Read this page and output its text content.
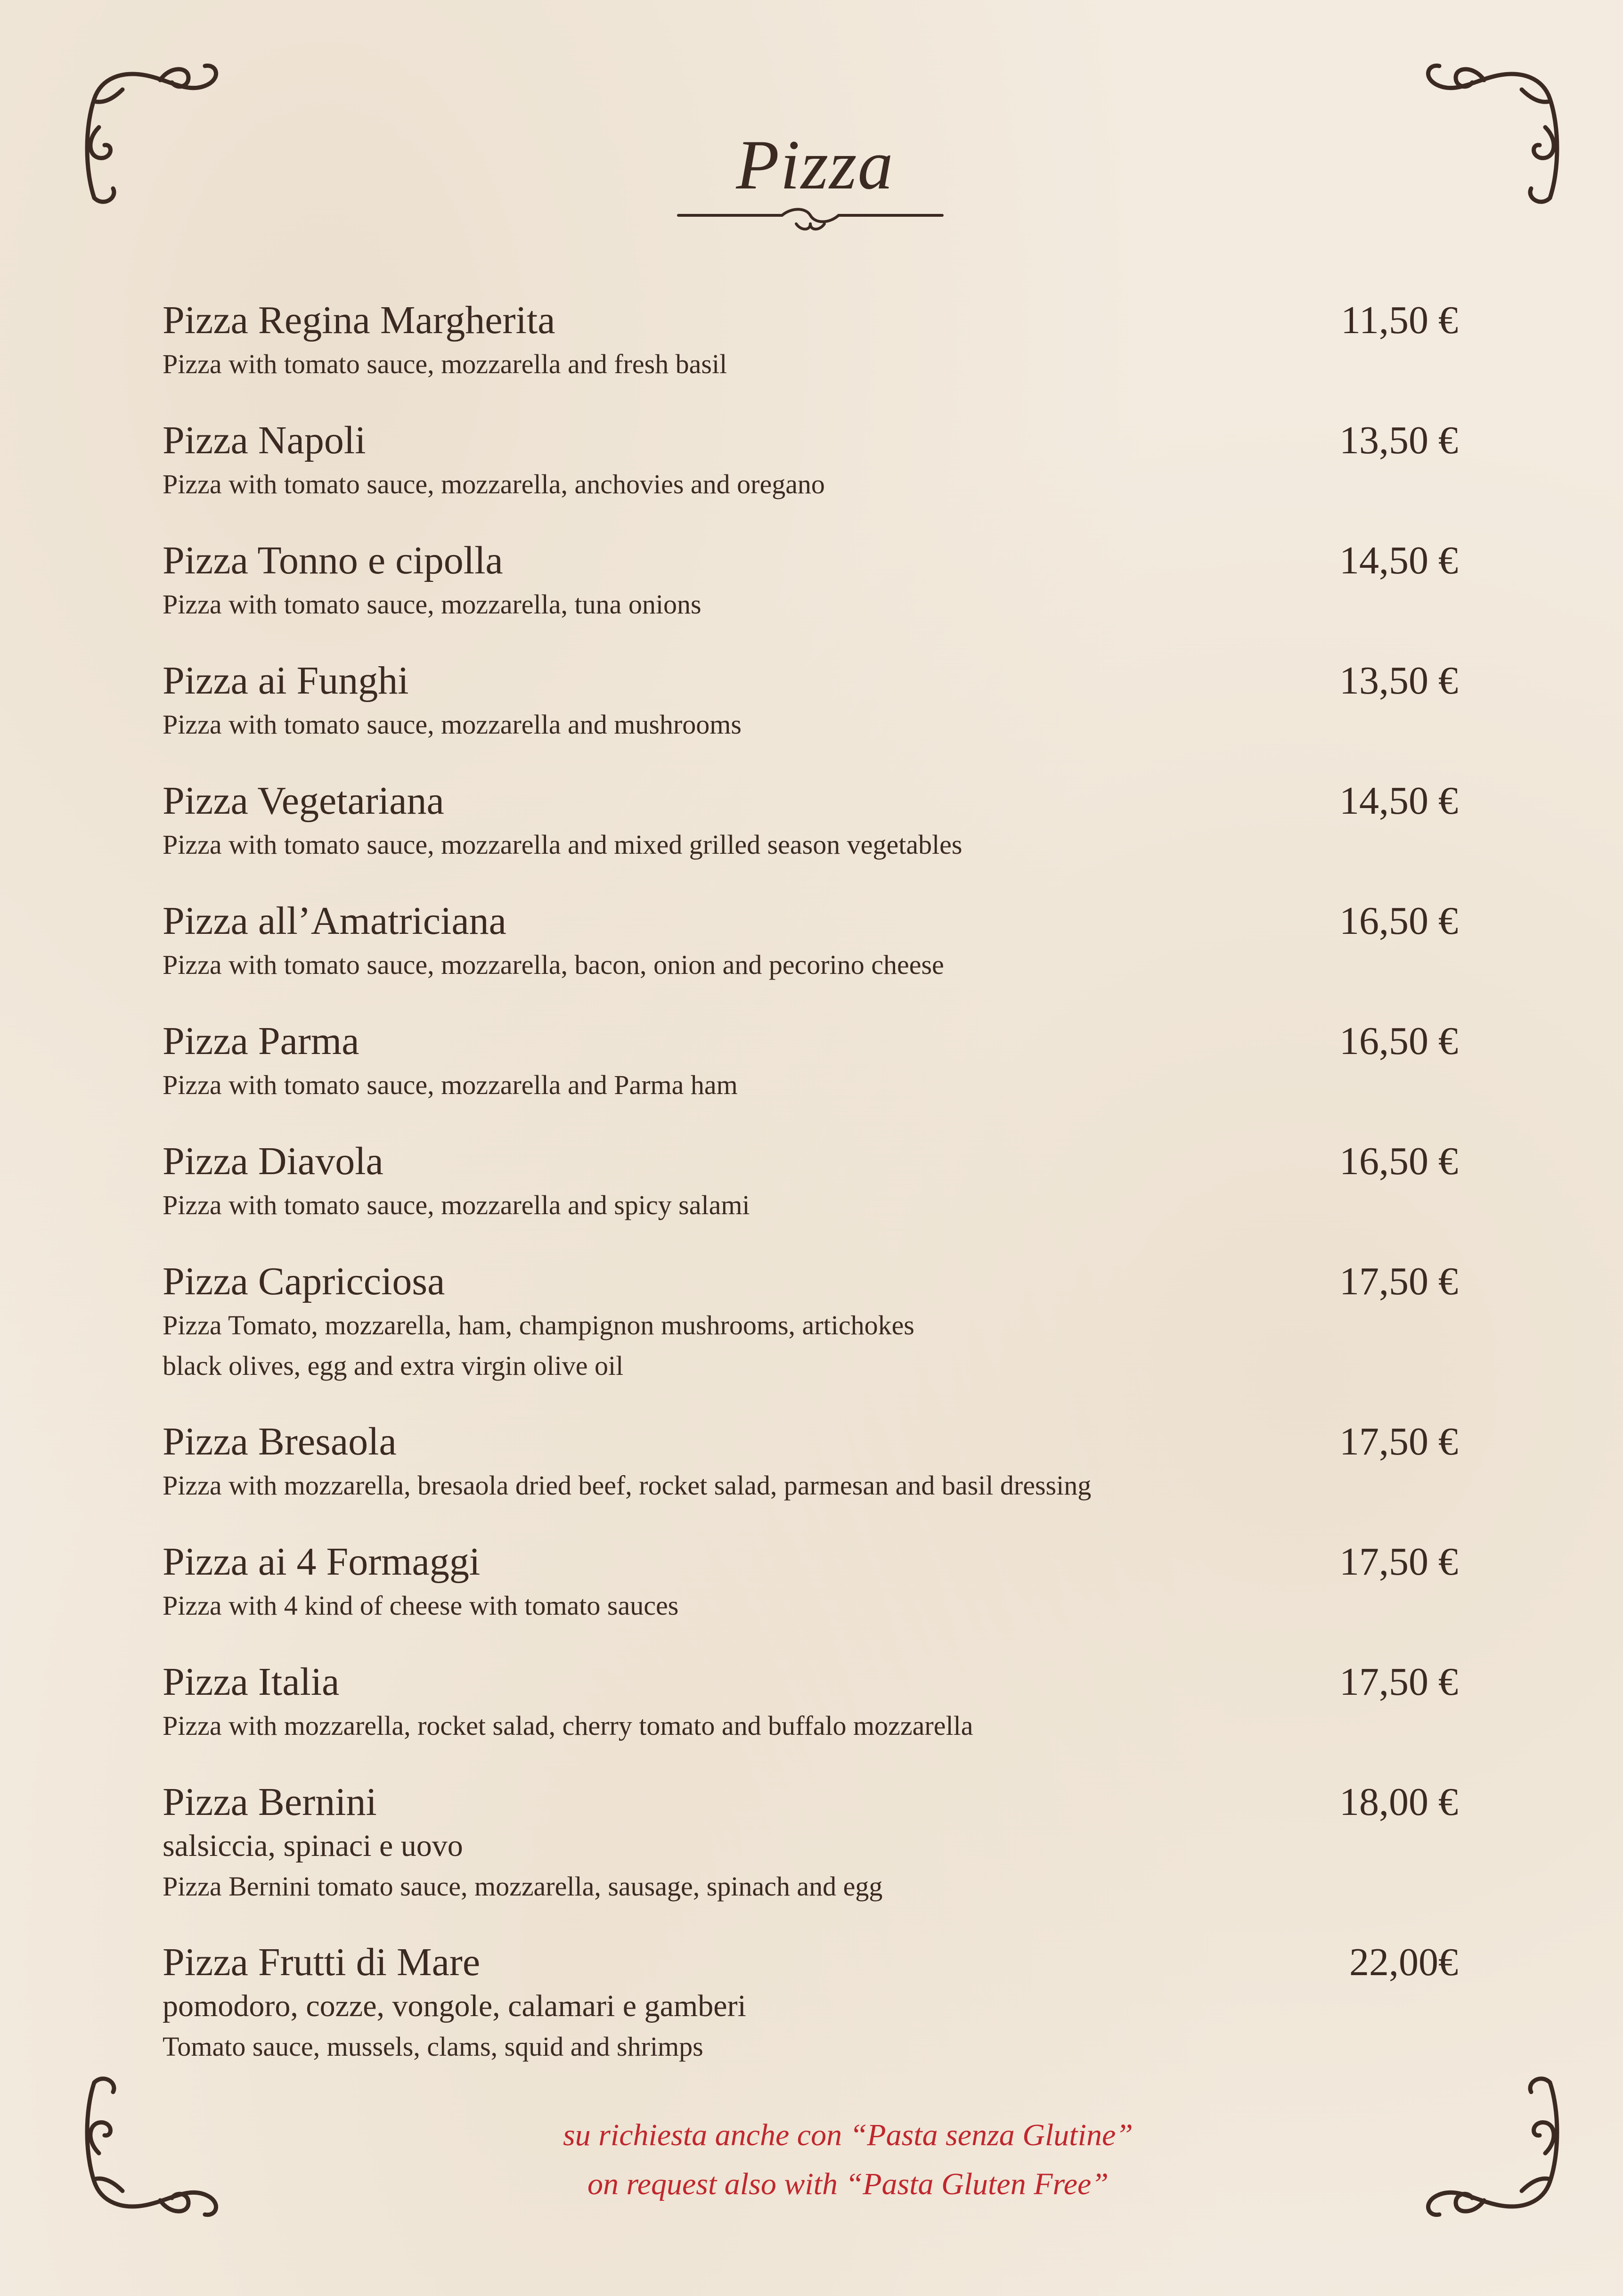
Pizza
Pizza Regina Margherita
Pizza with tomato sauce, mozzarella and fresh basil
11,50 €
Pizza Napoli
Pizza with tomato sauce, mozzarella, anchovies and oregano
13,50 €
Pizza Tonno e cipolla
Pizza with tomato sauce, mozzarella, tuna onions
14,50 €
Pizza ai Funghi
Pizza with tomato sauce, mozzarella and mushrooms
13,50 €
Pizza Vegetariana
Pizza with tomato sauce, mozzarella and mixed grilled season vegetables
14,50 €
Pizza all’Amatriciana
Pizza with tomato sauce, mozzarella, bacon, onion and pecorino cheese
16,50 €
Pizza Parma
Pizza with tomato sauce, mozzarella and Parma ham
16,50 €
Pizza Diavola
Pizza with tomato sauce, mozzarella and spicy salami
16,50 €
Pizza Capricciosa
Pizza Tomato, mozzarella, ham, champignon mushrooms, artichokes
black olives, egg and extra virgin olive oil
17,50 €
Pizza Bresaola
Pizza with mozzarella, bresaola dried beef, rocket salad, parmesan and basil dressing
17,50 €
Pizza ai 4 Formaggi
Pizza with 4 kind of cheese with tomato sauces
17,50 €
Pizza Italia
Pizza with mozzarella, rocket salad, cherry tomato and buffalo mozzarella
17,50 €
Pizza Bernini
salsiccia, spinaci e uovo
Pizza Bernini tomato sauce, mozzarella, sausage, spinach and egg
18,00 €
Pizza Frutti di Mare
pomodoro, cozze, vongole, calamari e gamberi
Tomato sauce, mussels, clams, squid and shrimps
22,00€
su richiesta anche con “Pasta senza Glutine”
on request also with “Pasta Gluten Free”
